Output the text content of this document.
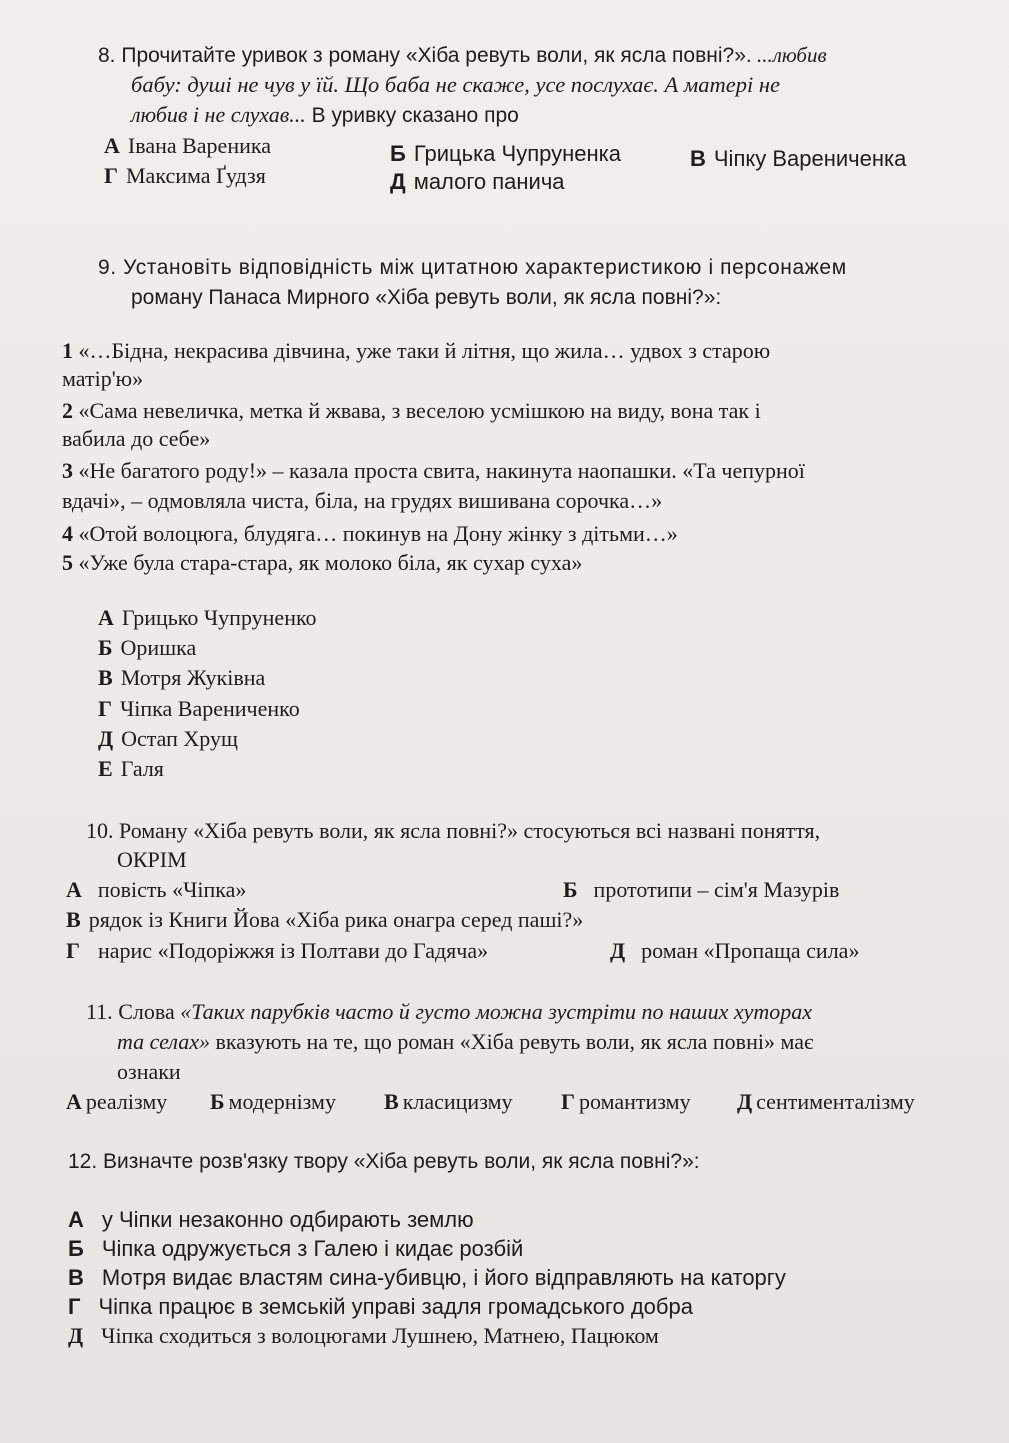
8. Прочитайте уривок з роману «Хіба ревуть воли, як ясла повні?». ...любив
бабу: душі не чув у їй. Що баба не скаже, усе послухає. А матері не
любив і не слухав... В уривку сказано про
А Івана Вареника	Б Грицька Чупруненка	В Чіпку Варениченка
Г Максима Ґудзя	Д малого панича
9. Установіть відповідність між цитатною характеристикою і персонажем
роману Панаса Мирного «Хіба ревуть воли, як ясла повні?»:
1 «…Бідна, некрасива дівчина, уже таки й літня, що жила… удвох з старою
матір'ю»
2 «Сама невеличка, метка й жвава, з веселою усмішкою на виду, вона так і
вабила до себе»
3 «Не багатого роду!» – казала проста свита, накинута наопашки. «Та чепурної
вдачі», – одмовляла чиста, біла, на грудях вишивана сорочка…»
4 «Отой волоцюга, блудяга… покинув на Дону жінку з дітьми…»
5 «Уже була стара-стара, як молоко біла, як сухар суха»
А Грицько Чупруненко
Б Оришка
В Мотря Жуківна
Г Чіпка Варениченко
Д Остап Хрущ
Е Галя
10. Роману «Хіба ревуть воли, як ясла повні?» стосуються всі названі поняття,
ОКРІМ
А повість «Чіпка»	Б прототипи – сім'я Мазурів
В рядок із Книги Йова «Хіба рика онагра серед паші?»
Г нарис «Подоріжжя із Полтави до Гадяча»	Д роман «Пропаща сила»
11. Слова «Таких парубків часто й густо можна зустріти по наших хуторах
та селах» вказують на те, що роман «Хіба ревуть воли, як ясла повні» має
ознаки
А реалізму Б модернізму В класицизму Г романтизму Д сентименталізму
12. Визначте розв'язку твору «Хіба ревуть воли, як ясла повні?»:
А у Чіпки незаконно одбирають землю
Б Чіпка одружується з Галею і кидає розбій
В Мотря видає властям сина-убивцю, і його відправляють на каторгу
Г Чіпка працює в земській управі задля громадського добра
Д Чіпка сходиться з волоцюгами Лушнею, Матнею, Пацюком
